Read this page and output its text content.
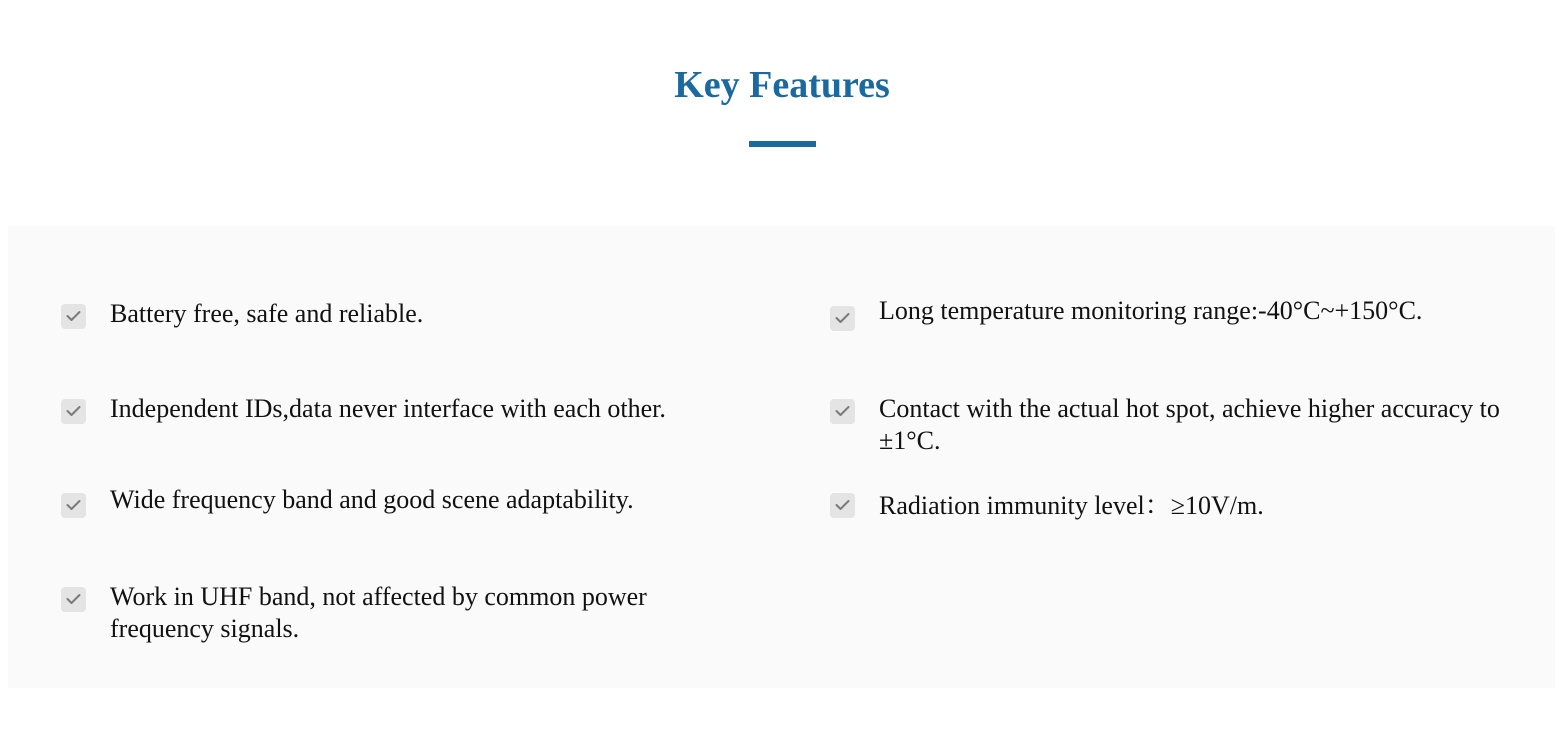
Key Features
Battery free, safe and reliable.
Independent IDs,data never interface with each other.
Wide frequency band and good scene adaptability.
Work in UHF band, not affected by common power frequency signals.
Long temperature monitoring range:-40°C~+150°C.
Contact with the actual hot spot, achieve higher accuracy to ±1°C.
Radiation immunity level：≥10V/m.
